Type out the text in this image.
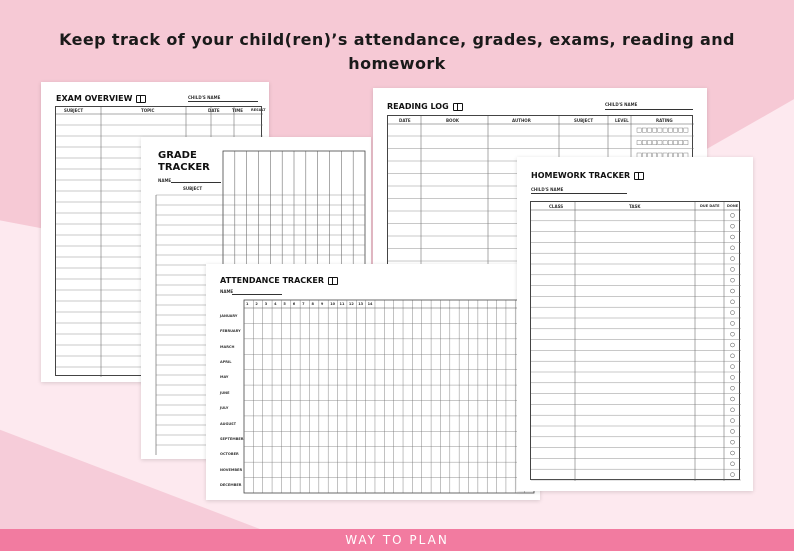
Keep track of your child(ren)’s attendance, grades, exams, reading and
homework
EXAM OVERVIEW	CHILD'S NAME
SUBJECT	TOPIC	DATE	TIME RESULT
GRADE
TRACKER
NAME
SUBJECT
READING LOG	CHILD'S NAME
DATE	BOOK	AUTHOR	SUBJECT	LEVEL	RATING
ATTENDANCE TRACKER
NAME
JANUARY
FEBRUARY
MARCH
APRIL
MAY
JUNE
JULY
AUGUST
SEPTEMBER
OCTOBER
NOVEMBER
DECEMBER
1 2 3 4 5 6 7 8 9 10 11 12 13 14
HOMEWORK TRACKER
CHILD'S NAME
CLASS	TASK	DUE DATE DONE
WAY TO PLAN
